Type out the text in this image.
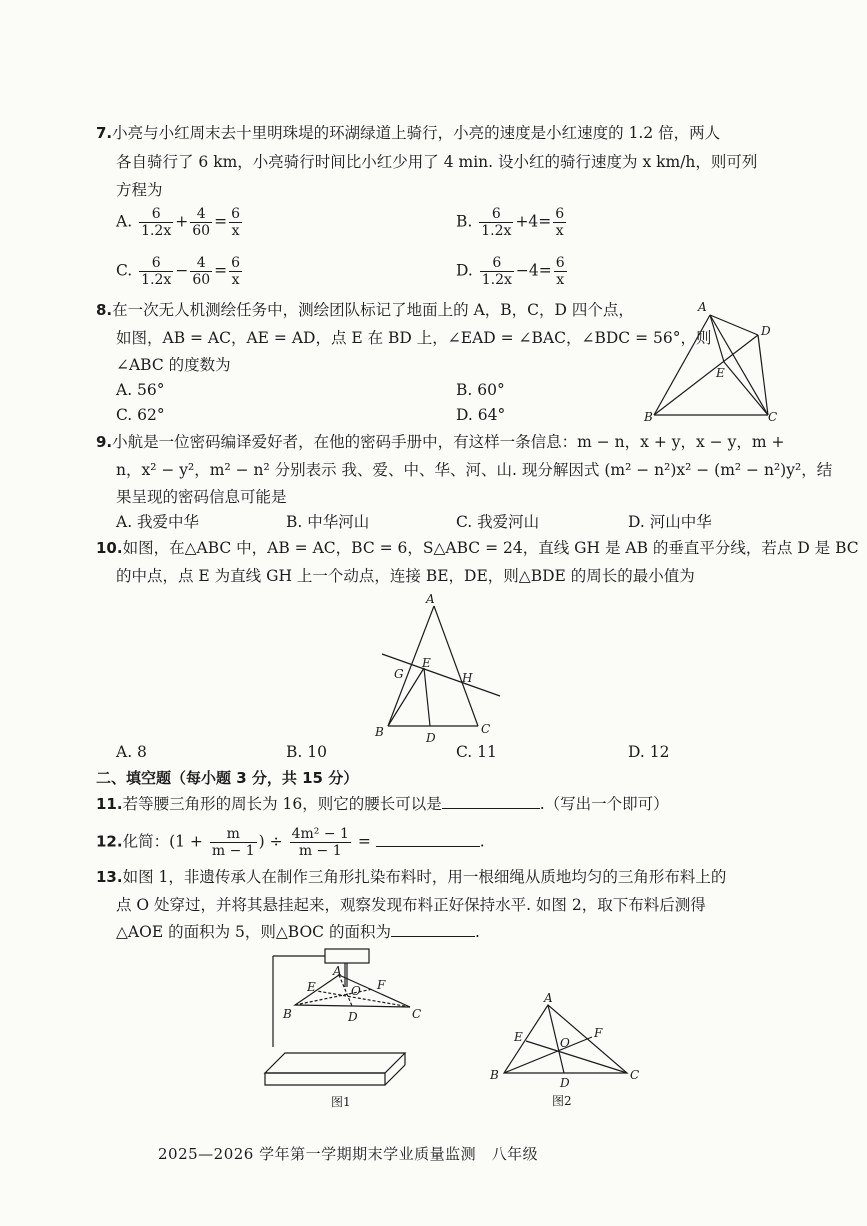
7.小亮与小红周末去十里明珠堤的环湖绿道上骑行，小亮的速度是小红速度的 1.2 倍，两人
各自骑行了 6 km，小亮骑行时间比小红少用了 4 min. 设小红的骑行速度为 x km/h，则可列
方程为
A. $\frac{6}{1.2x} + \frac{4}{60} = \frac{6}{x}$	B. $\frac{6}{1.2x} +4= \frac{6}{x}$
C. $\frac{6}{1.2x} - \frac{4}{60} = \frac{6}{x}$	D. $\frac{6}{1.2x} -4= \frac{6}{x}$
8.在一次无人机测绘任务中，测绘团队标记了地面上的 A，B，C，D 四个点，
如图，AB = AC，AE = AD，点 E 在 BD 上，∠EAD = ∠BAC，∠BDC = 56°，则
∠ABC 的度数为
A. 56°	B. 60°
C. 62°	D. 64°
A
B	C
D
E
9.小航是一位密码编译爱好者，在他的密码手册中，有这样一条信息：m − n，x + y，x − y，m +
n，x² − y²，m² − n² 分别表示 我、爱、中、华、河、山. 现分解因式 (m² − n²)x² − (m² − n²)y²，结
果呈现的密码信息可能是
A. 我爱中华	B. 中华河山	C. 我爱河山	D. 河山中华
10.如图，在△ABC 中，AB = AC，BC = 6，S△ABC = 24，直线 GH 是 AB 的垂直平分线，若点 D 是 BC
的中点，点 E 为直线 GH 上一个动点，连接 BE，DE，则△BDE 的周长的最小值为
A
B	C
D
E
G	H
A. 8	B. 10	C. 11	D. 12
二、填空题（每小题 3 分，共 15 分）
11.若等腰三角形的周长为 16，则它的腰长可以是	.（写出一个即可）
12.化简：($1 + \frac{m}{m - 1}$ ) ÷ $\frac{\text{4m² − 1}}{m - 1}$ =	.
13.如图 1，非遗传承人在制作三角形扎染布料时，用一根细绳从质地均匀的三角形布料上的
点 O 处穿过，并将其悬挂起来，观察发现布料正好保持水平. 如图 2，取下布料后测得
△AOE 的面积为 5，则△BOC 的面积为	.
A
B	C
D
E	F
O
图1
A
B	C
D
E	F
O
图2
2025—2026 学年第一学期期末学业质量监测　八年级
